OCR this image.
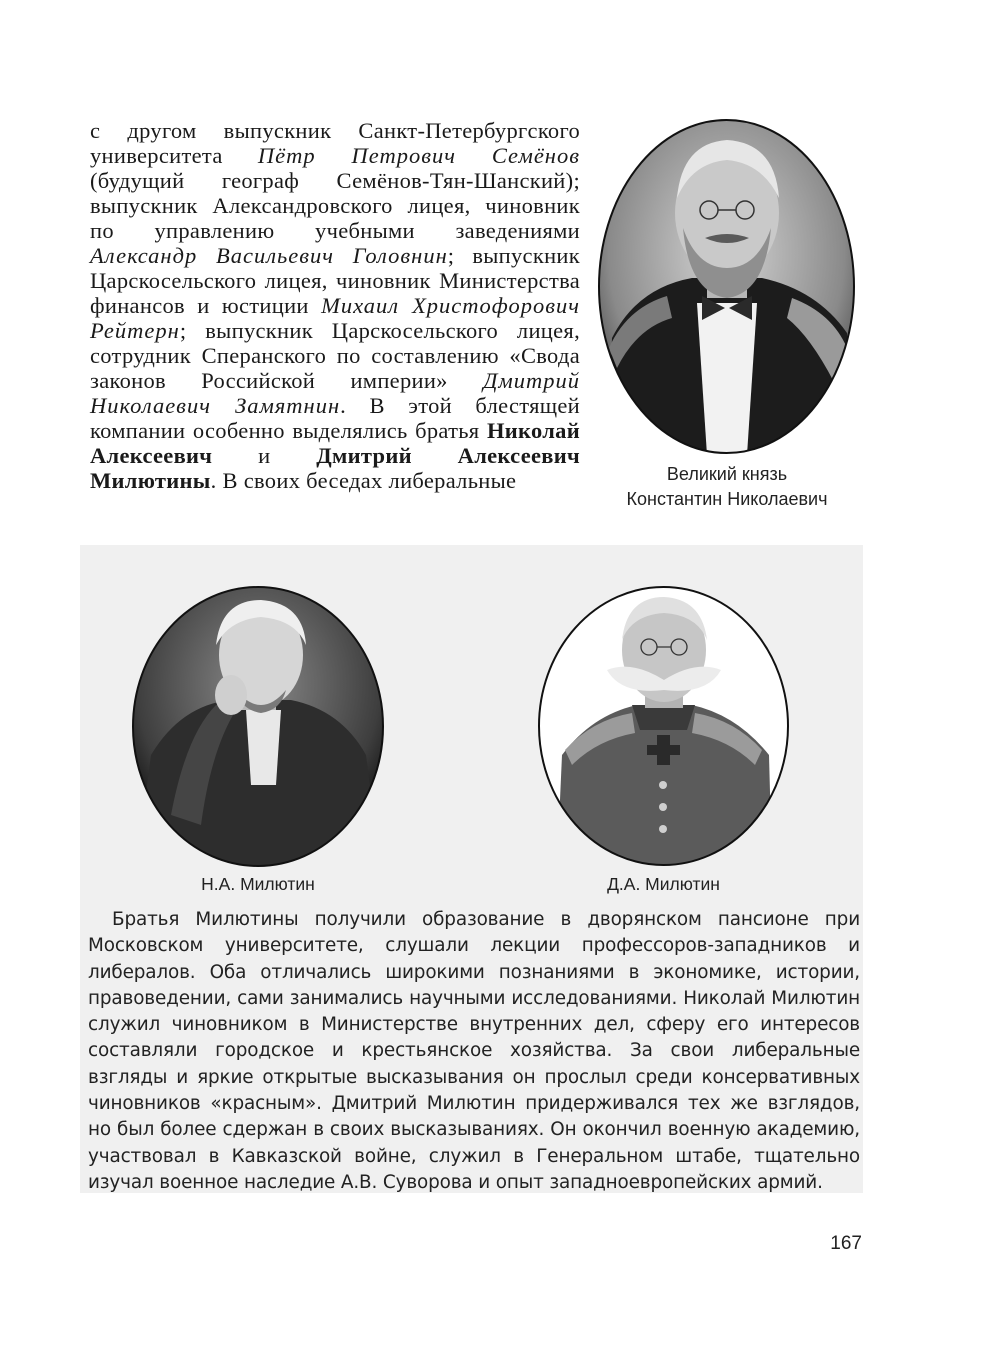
с другом выпускник Санкт-Петербургского университета Пётр Петрович Семёнов (будущий географ Семёнов-Тян-Шанский); выпускник Александровского лицея, чиновник по управлению учебными заведениями Александр Васильевич Головнин; выпускник Царскосельского лицея, чиновник Министерства финансов и юстиции Михаил Христофорович Рейтерн; выпускник Царскосельского лицея, сотрудник Сперанского по составлению «Свода законов Российской империи» Дмитрий Николаевич Замятнин. В этой блестящей компании особенно выделялись братья Николай Алексеевич и Дмитрий Алексеевич Милютины. В своих беседах либеральные	Великий князь
Константин Николаевич
Н.А. Милютин	Д.А. Милютин
Братья Милютины получили образование в дворянском пансионе при Московском университете, слушали лекции профессоров-западников и либералов. Оба отличались широкими познаниями в экономике, истории, правоведении, сами занимались научными исследованиями. Николай Милютин служил чиновником в Министерстве внутренних дел, сферу его интересов составляли городское и крестьянское хозяйства. За свои либеральные взгляды и яркие открытые высказывания он прослыл среди консервативных чиновников «красным». Дмитрий Милютин придерживался тех же взглядов, но был более сдержан в своих высказываниях. Он окончил военную академию, участвовал в Кавказской войне, служил в Генеральном штабе, тщательно изучал военное наследие А.В. Суворова и опыт западноевропейских армий.
167
